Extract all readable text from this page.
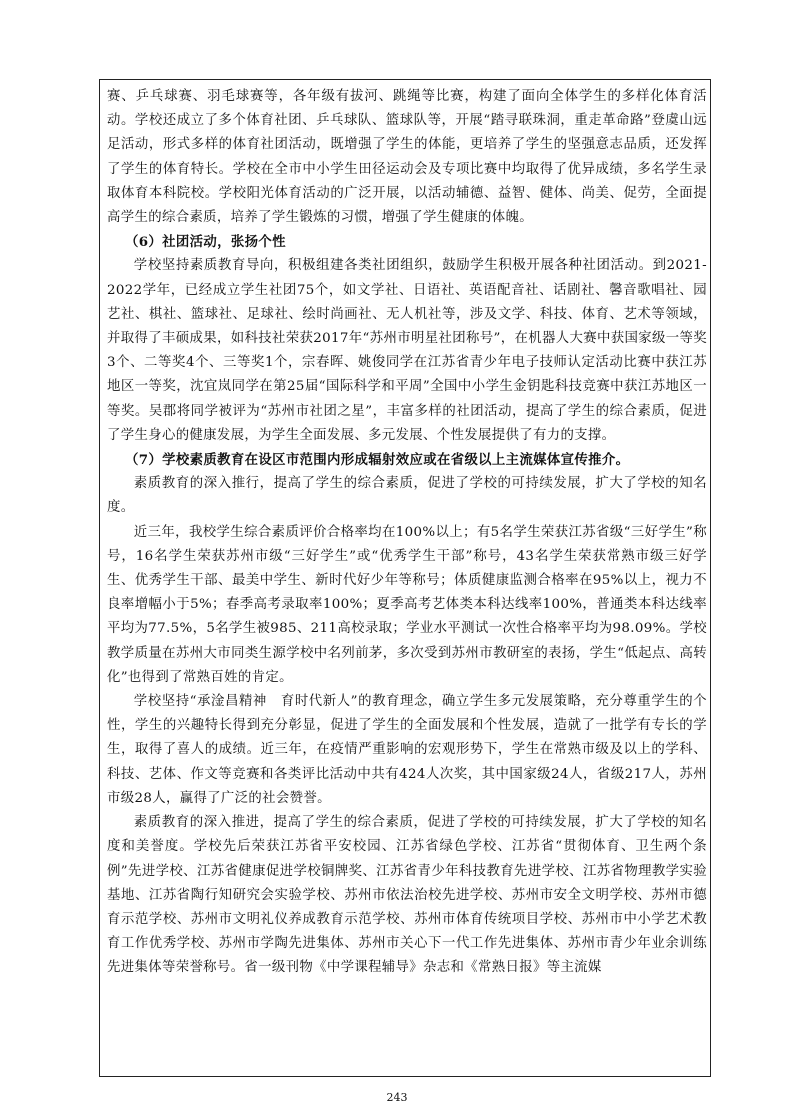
赛、乒乓球赛、羽毛球赛等，各年级有拔河、跳绳等比赛，构建了面向全体学生的多样化体育活动。学校还成立了多个体育社团、乒乓球队、篮球队等，开展“踏寻联珠洞，重走革命路”登虞山远足活动，形式多样的体育社团活动，既增强了学生的体能，更培养了学生的坚强意志品质，还发挥了学生的体育特长。学校在全市中小学生田径运动会及专项比赛中均取得了优异成绩，多名学生录取体育本科院校。学校阳光体育活动的广泛开展，以活动辅德、益智、健体、尚美、促劳，全面提高学生的综合素质，培养了学生锻炼的习惯，增强了学生健康的体魄。

（6）社团活动，张扬个性

学校坚持素质教育导向，积极组建各类社团组织，鼓励学生积极开展各种社团活动。到2021-2022学年，已经成立学生社团75个，如文学社、日语社、英语配音社、话剧社、馨音歌唱社、园艺社、棋社、篮球社、足球社、绘时尚画社、无人机社等，涉及文学、科技、体育、艺术等领域，并取得了丰硕成果，如科技社荣获2017年“苏州市明星社团称号”，在机器人大赛中获国家级一等奖3个、二等奖4个、三等奖1个，宗春晖、姚俊同学在江苏省青少年电子技师认定活动比赛中获江苏地区一等奖，沈宜岚同学在第25届“国际科学和平周”全国中小学生金钥匙科技竞赛中获江苏地区一等奖。吴郡将同学被评为“苏州市社团之星”，丰富多样的社团活动，提高了学生的综合素质，促进了学生身心的健康发展，为学生全面发展、多元发展、个性发展提供了有力的支撑。

（7）学校素质教育在设区市范围内形成辐射效应或在省级以上主流媒体宣传推介。

素质教育的深入推行，提高了学生的综合素质，促进了学校的可持续发展，扩大了学校的知名度。

近三年，我校学生综合素质评价合格率均在100%以上；有5名学生荣获江苏省级“三好学生”称号，16名学生荣获苏州市级“三好学生”或“优秀学生干部”称号，43名学生荣获常熟市级三好学生、优秀学生干部、最美中学生、新时代好少年等称号；体质健康监测合格率在95%以上，视力不良率增幅小于5%；春季高考录取率100%；夏季高考艺体类本科达线率100%，普通类本科达线率平均为77.5%，5名学生被985、211高校录取；学业水平测试一次性合格率平均为98.09%。学校教学质量在苏州大市同类生源学校中名列前茅，多次受到苏州市教研室的表扬，学生“低起点、高转化”也得到了常熟百姓的肯定。

学校坚持“承淦昌精神　育时代新人”的教育理念，确立学生多元发展策略，充分尊重学生的个性，学生的兴趣特长得到充分彰显，促进了学生的全面发展和个性发展，造就了一批学有专长的学生，取得了喜人的成绩。近三年，在疫情严重影响的宏观形势下，学生在常熟市级及以上的学科、科技、艺体、作文等竞赛和各类评比活动中共有424人次奖，其中国家级24人，省级217人，苏州市级28人，赢得了广泛的社会赞誉。

素质教育的深入推进，提高了学生的综合素质，促进了学校的可持续发展，扩大了学校的知名度和美誉度。学校先后荣获江苏省平安校园、江苏省绿色学校、江苏省“贯彻体育、卫生两个条例”先进学校、江苏省健康促进学校铜牌奖、江苏省青少年科技教育先进学校、江苏省物理教学实验基地、江苏省陶行知研究会实验学校、苏州市依法治校先进学校、苏州市安全文明学校、苏州市德育示范学校、苏州市文明礼仪养成教育示范学校、苏州市体育传统项目学校、苏州市中小学艺术教育工作优秀学校、苏州市学陶先进集体、苏州市关心下一代工作先进集体、苏州市青少年业余训练先进集体等荣誉称号。省一级刊物《中学课程辅导》杂志和《常熟日报》等主流媒

243
